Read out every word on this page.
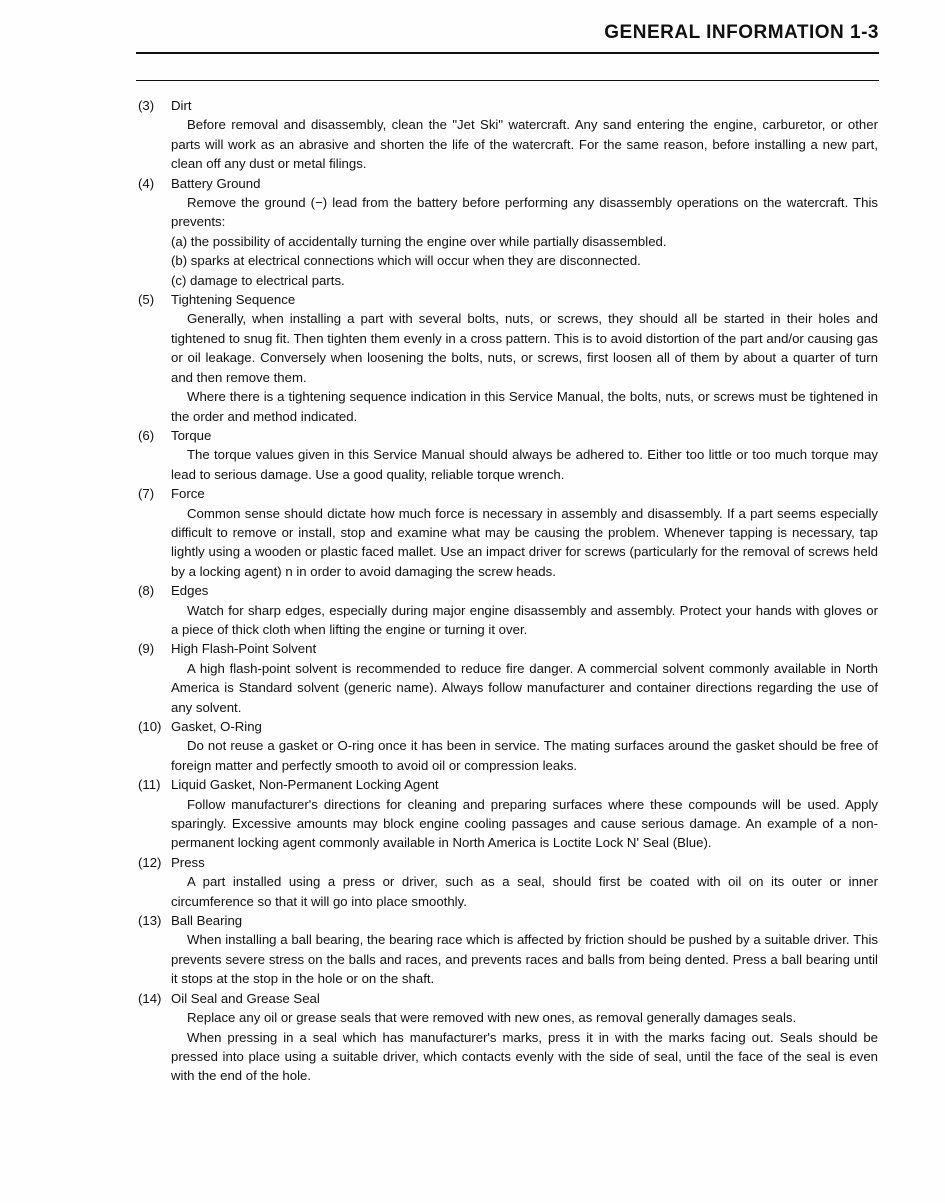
GENERAL INFORMATION 1-3
(3)	Dirt
Before removal and disassembly, clean the "Jet Ski" watercraft. Any sand entering the engine, carburetor, or other parts will work as an abrasive and shorten the life of the watercraft. For the same reason, before installing a new part, clean off any dust or metal filings.
(4)	Battery Ground
Remove the ground (−) lead from the battery before performing any disassembly operations on the watercraft. This prevents:
(a) the possibility of accidentally turning the engine over while partially disassembled.
(b) sparks at electrical connections which will occur when they are disconnected.
(c) damage to electrical parts.
(5)	Tightening Sequence
Generally, when installing a part with several bolts, nuts, or screws, they should all be started in their holes and tightened to snug fit. Then tighten them evenly in a cross pattern. This is to avoid distortion of the part and/or causing gas or oil leakage. Conversely when loosening the bolts, nuts, or screws, first loosen all of them by about a quarter of turn and then remove them.
Where there is a tightening sequence indication in this Service Manual, the bolts, nuts, or screws must be tightened in the order and method indicated.
(6)	Torque
The torque values given in this Service Manual should always be adhered to. Either too little or too much torque may lead to serious damage. Use a good quality, reliable torque wrench.
(7)	Force
Common sense should dictate how much force is necessary in assembly and disassembly. If a part seems especially difficult to remove or install, stop and examine what may be causing the problem. Whenever tapping is necessary, tap lightly using a wooden or plastic faced mallet. Use an impact driver for screws (particularly for the removal of screws held by a locking agent) n in order to avoid damaging the screw heads.
(8)	Edges
Watch for sharp edges, especially during major engine disassembly and assembly. Protect your hands with gloves or a piece of thick cloth when lifting the engine or turning it over.
(9)	High Flash-Point Solvent
A high flash-point solvent is recommended to reduce fire danger. A commercial solvent commonly available in North America is Standard solvent (generic name). Always follow manufacturer and container directions regarding the use of any solvent.
(10) Gasket, O-Ring
Do not reuse a gasket or O-ring once it has been in service. The mating surfaces around the gasket should be free of foreign matter and perfectly smooth to avoid oil or compression leaks.
(11) Liquid Gasket, Non-Permanent Locking Agent
Follow manufacturer's directions for cleaning and preparing surfaces where these compounds will be used. Apply sparingly. Excessive amounts may block engine cooling passages and cause serious damage. An example of a non-permanent locking agent commonly available in North America is Loctite Lock N' Seal (Blue).
(12) Press
A part installed using a press or driver, such as a seal, should first be coated with oil on its outer or inner circumference so that it will go into place smoothly.
(13) Ball Bearing
When installing a ball bearing, the bearing race which is affected by friction should be pushed by a suitable driver. This prevents severe stress on the balls and races, and prevents races and balls from being dented. Press a ball bearing until it stops at the stop in the hole or on the shaft.
(14) Oil Seal and Grease Seal
Replace any oil or grease seals that were removed with new ones, as removal generally damages seals.
When pressing in a seal which has manufacturer's marks, press it in with the marks facing out. Seals should be pressed into place using a suitable driver, which contacts evenly with the side of seal, until the face of the seal is even with the end of the hole.
